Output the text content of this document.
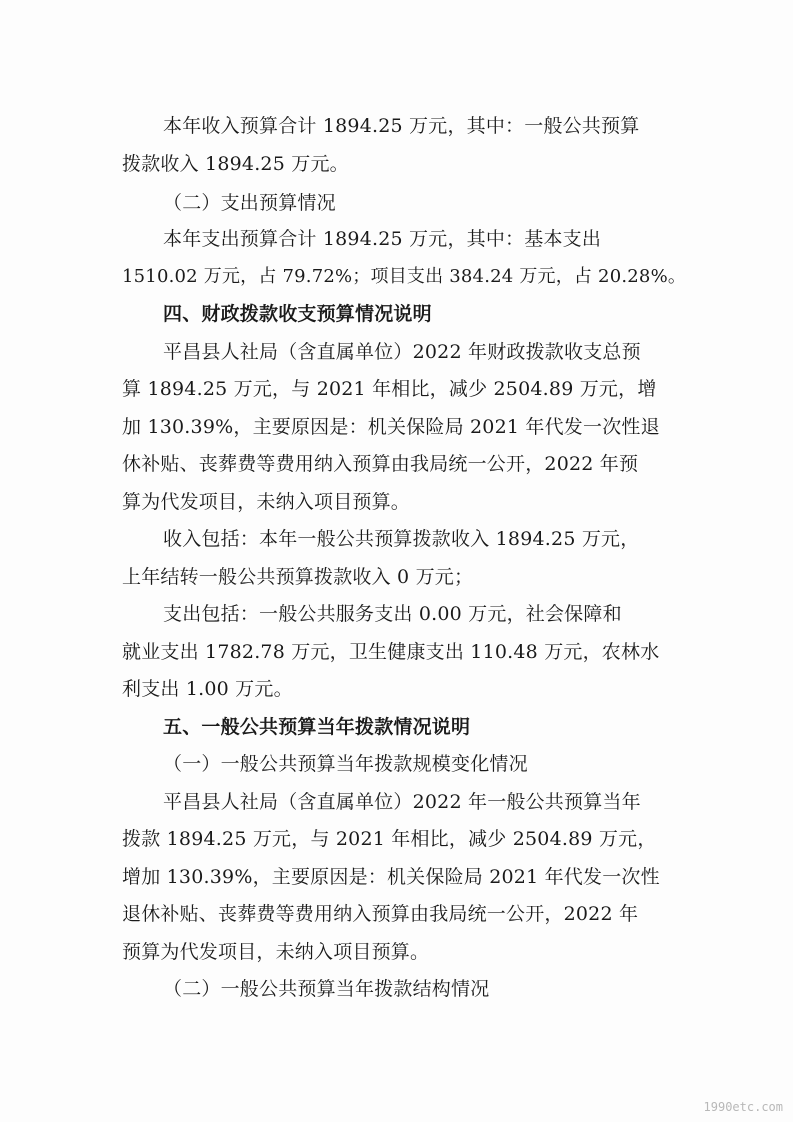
本年收入预算合计 1894.25 万元，其中：一般公共预算
拨款收入 1894.25 万元。
（二）支出预算情况
本年支出预算合计 1894.25 万元，其中：基本支出
1510.02 万元，占 79.72%；项目支出 384.24 万元，占 20.28%。
四、财政拨款收支预算情况说明
平昌县人社局（含直属单位）2022 年财政拨款收支总预
算 1894.25 万元，与 2021 年相比，减少 2504.89 万元，增
加 130.39%，主要原因是：机关保险局 2021 年代发一次性退
休补贴、丧葬费等费用纳入预算由我局统一公开，2022 年预
算为代发项目，未纳入项目预算。
收入包括：本年一般公共预算拨款收入 1894.25 万元，
上年结转一般公共预算拨款收入 0 万元；
支出包括：一般公共服务支出 0.00 万元，社会保障和
就业支出 1782.78 万元，卫生健康支出 110.48 万元，农林水
利支出 1.00 万元。
五、一般公共预算当年拨款情况说明
（一）一般公共预算当年拨款规模变化情况
平昌县人社局（含直属单位）2022 年一般公共预算当年
拨款 1894.25 万元，与 2021 年相比，减少 2504.89 万元，
增加 130.39%，主要原因是：机关保险局 2021 年代发一次性
退休补贴、丧葬费等费用纳入预算由我局统一公开，2022 年
预算为代发项目，未纳入项目预算。
（二）一般公共预算当年拨款结构情况
1990etc.com
